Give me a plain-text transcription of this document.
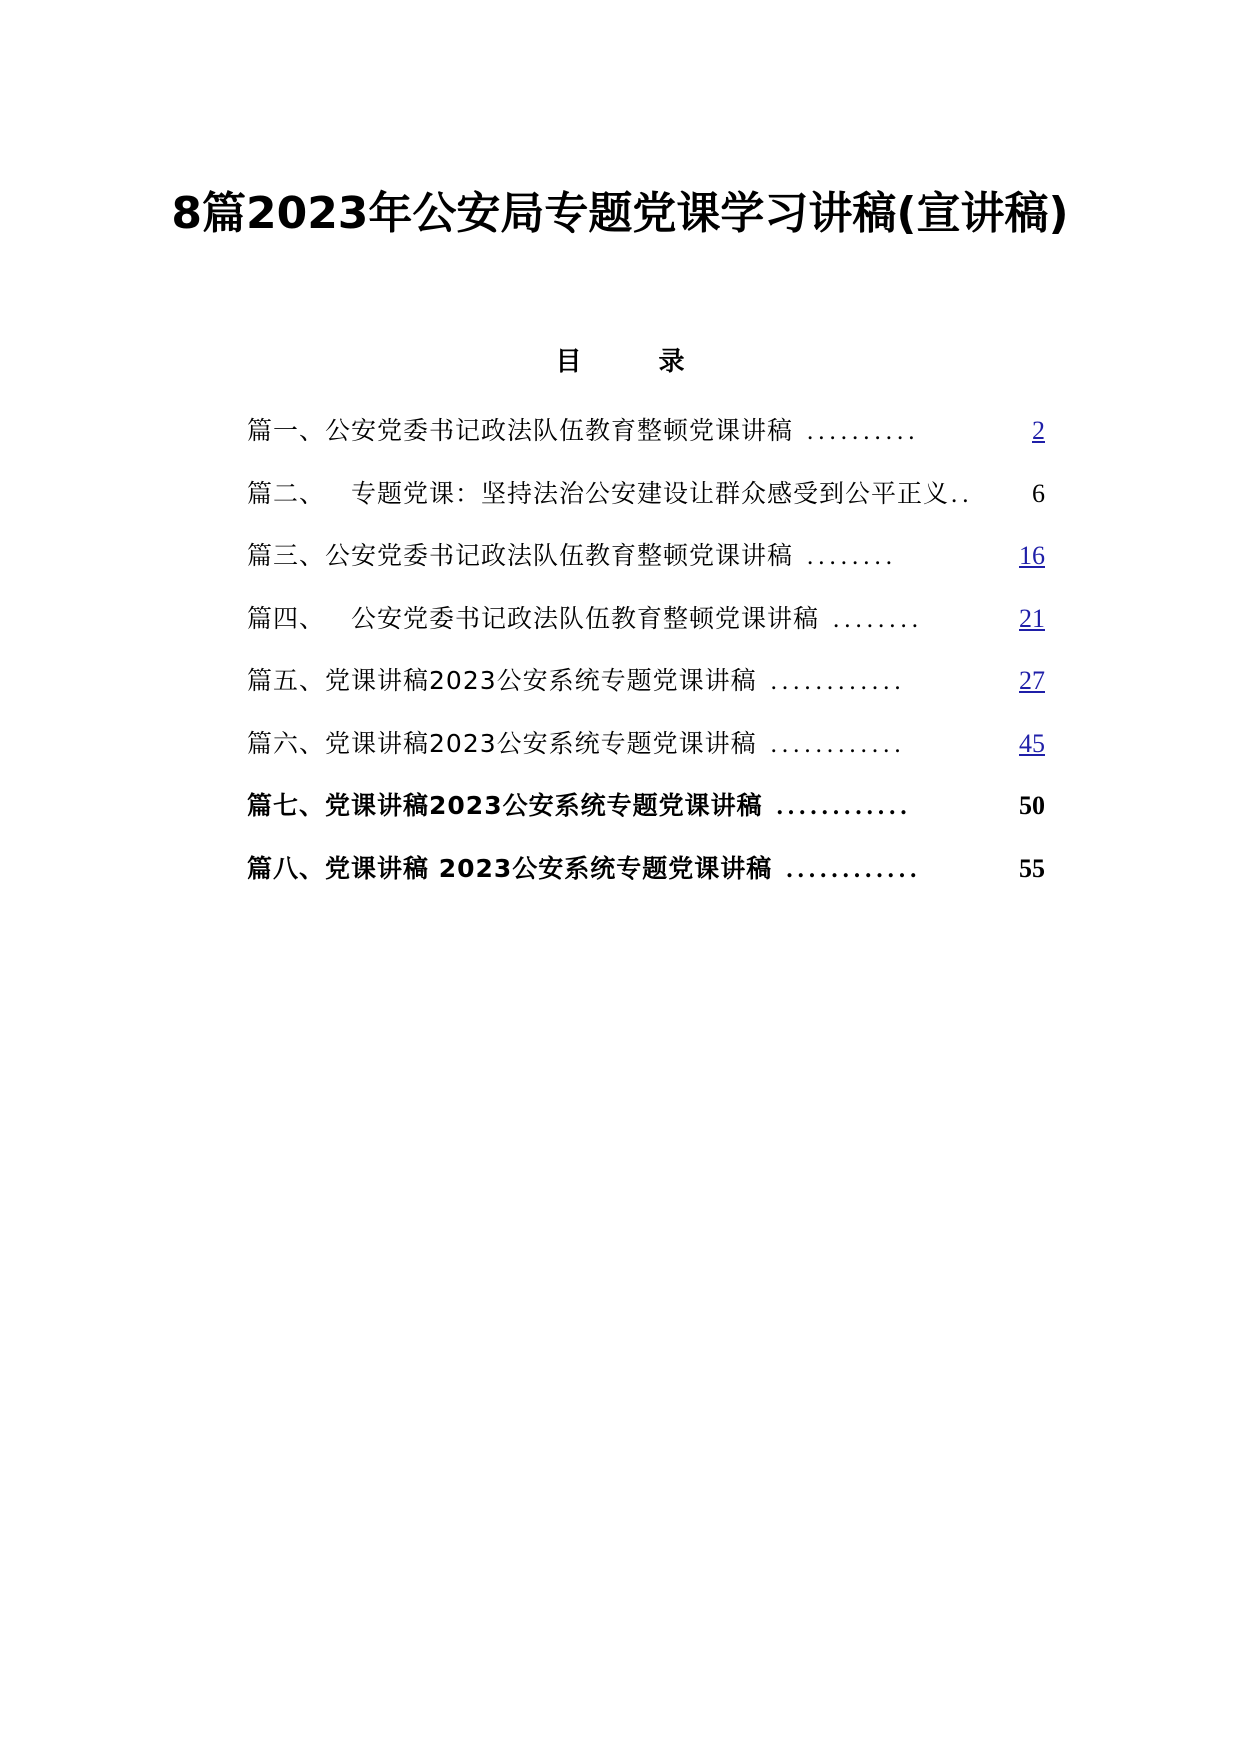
8篇2023年公安局专题党课学习讲稿(宣讲稿)
目 录
篇一、公安党委书记政法队伍教育整顿党课讲稿 ..........	2
篇二、 专题党课：坚持法治公安建设让群众感受到公平正义 ..	6
篇三、公安党委书记政法队伍教育整顿党课讲稿 ........	16
篇四、 公安党委书记政法队伍教育整顿党课讲稿 ........	21
篇五、党课讲稿2023公安系统专题党课讲稿 ............	27
篇六、党课讲稿2023公安系统专题党课讲稿 ............	45
篇七、党课讲稿2023公安系统专题党课讲稿 ............	50
篇八、党课讲稿 2023公安系统专题党课讲稿 ............	55
